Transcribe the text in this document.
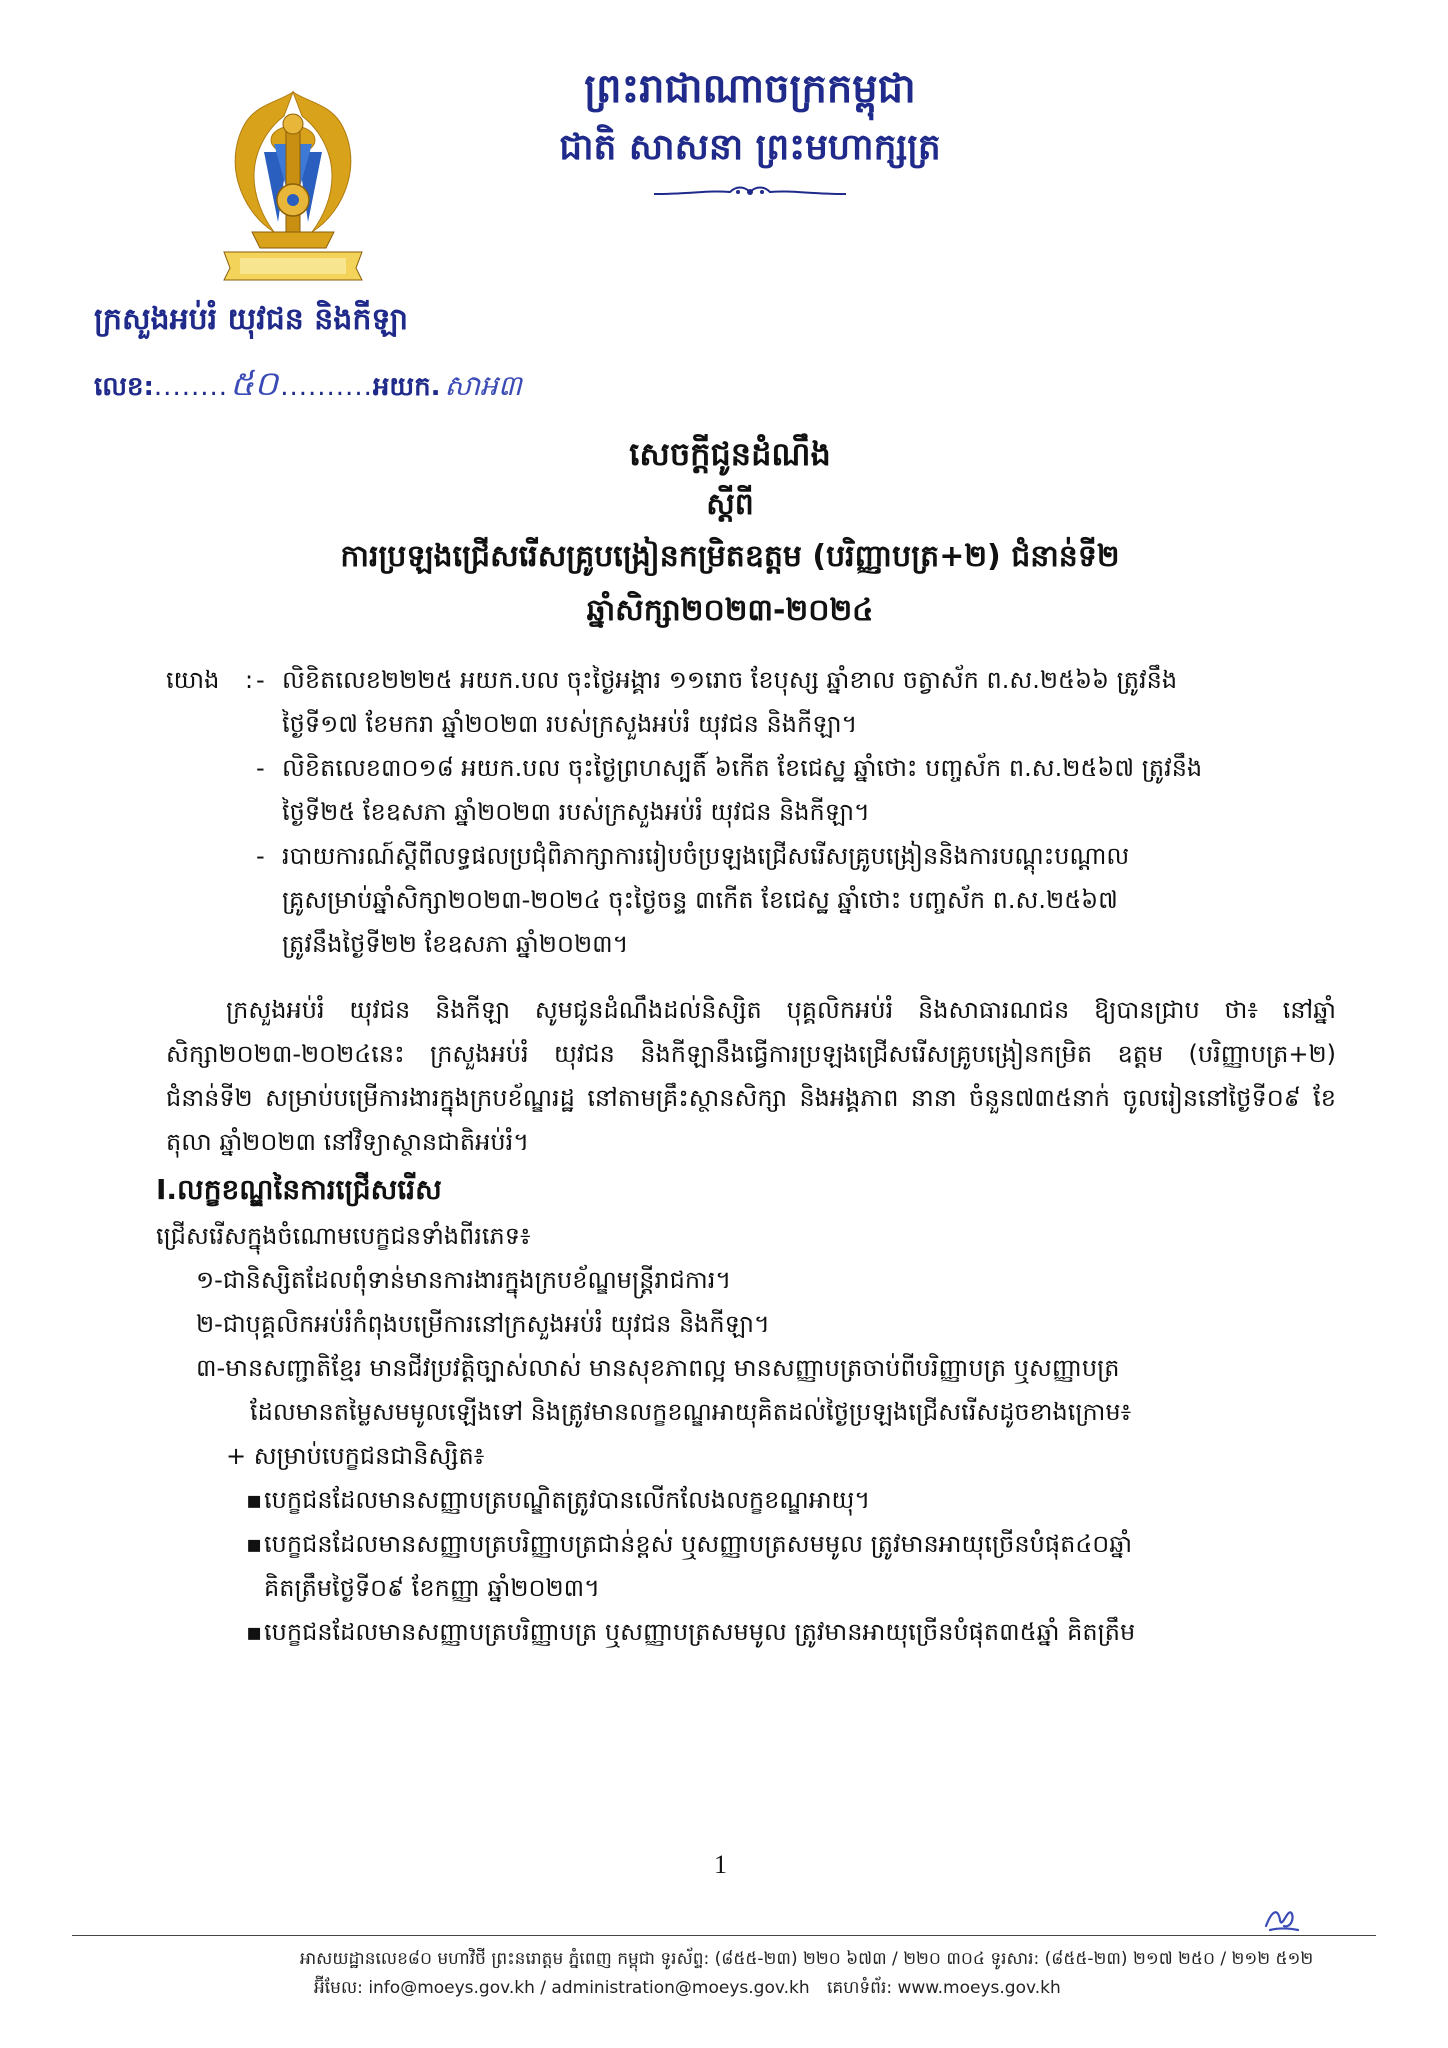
ព្រះរាជាណាចក្រកម្ពុជា
ជាតិ សាសនា ព្រះមហាក្សត្រ
ក្រសួងអប់រំ យុវជន និងកីឡា
លេខ: ........ ៥០ .......... អយក. សាអ៣
សេចក្តីជូនដំណឹង
ស្តីពី
ការប្រឡងជ្រើសរើសគ្រូបង្រៀនកម្រិតឧត្តម (បរិញ្ញាបត្រ+២) ជំនាន់ទី២
ឆ្នាំសិក្សា២០២៣-២០២៤
យោង : - លិខិតលេខ២២២៥ អយក.បល ចុះថ្ងៃអង្គារ ១១រោច ខែបុស្ស ឆ្នាំខាល ចត្វាស័ក ព.ស.២៥៦៦ ត្រូវនឹង
ថ្ងៃទី១៧ ខែមករា ឆ្នាំ២០២៣ របស់ក្រសួងអប់រំ យុវជន និងកីឡា។
- លិខិតលេខ៣០១៨ អយក.បល ចុះថ្ងៃព្រហស្បតិ៍ ៦កើត ខែជេស្ឋ ឆ្នាំថោះ បញ្ចស័ក ព.ស.២៥៦៧ ត្រូវនឹង
ថ្ងៃទី២៥ ខែឧសភា ឆ្នាំ២០២៣ របស់ក្រសួងអប់រំ យុវជន និងកីឡា។
- របាយការណ៍ស្តីពីលទ្ធផលប្រជុំពិភាក្សាការរៀបចំប្រឡងជ្រើសរើសគ្រូបង្រៀននិងការបណ្តុះបណ្តាល
គ្រូសម្រាប់ឆ្នាំសិក្សា២០២៣-២០២៤ ចុះថ្ងៃចន្ទ ៣កើត ខែជេស្ឋ ឆ្នាំថោះ បញ្ចស័ក ព.ស.២៥៦៧
ត្រូវនឹងថ្ងៃទី២២ ខែឧសភា ឆ្នាំ២០២៣។
ក្រសួងអប់រំ យុវជន និងកីឡា សូមជូនដំណឹងដល់និស្សិត បុគ្គលិកអប់រំ និងសាធារណជន ឱ្យបានជ្រាប ថា៖ នៅឆ្នាំសិក្សា២០២៣-២០២៤នេះ ក្រសួងអប់រំ យុវជន និងកីឡានឹងធ្វើការប្រឡងជ្រើសរើសគ្រូបង្រៀនកម្រិត ឧត្តម (បរិញ្ញាបត្រ+២) ជំនាន់ទី២ សម្រាប់បម្រើការងារក្នុងក្របខ័ណ្ឌរដ្ឋ នៅតាមគ្រឹះស្ថានសិក្សា និងអង្គភាព នានា ចំនួន៧៣៥នាក់ ចូលរៀននៅថ្ងៃទី០៩ ខែតុលា ឆ្នាំ២០២៣ នៅវិទ្យាស្ថានជាតិអប់រំ។
I.លក្ខខណ្ឌនៃការជ្រើសរើស
ជ្រើសរើសក្នុងចំណោមបេក្ខជនទាំងពីរភេទ៖
១-ជានិស្សិតដែលពុំទាន់មានការងារក្នុងក្របខ័ណ្ឌមន្ត្រីរាជការ។
២-ជាបុគ្គលិកអប់រំកំពុងបម្រើការនៅក្រសួងអប់រំ យុវជន និងកីឡា។
៣-មានសញ្ជាតិខ្មែរ មានជីវប្រវត្តិច្បាស់លាស់ មានសុខភាពល្អ មានសញ្ញាបត្រចាប់ពីបរិញ្ញាបត្រ ឬសញ្ញាបត្រ
ដែលមានតម្លៃសមមូលឡើងទៅ និងត្រូវមានលក្ខខណ្ឌអាយុគិតដល់ថ្ងៃប្រឡងជ្រើសរើសដូចខាងក្រោម៖
+ សម្រាប់បេក្ខជនជានិស្សិត៖
▪ បេក្ខជនដែលមានសញ្ញាបត្របណ្ឌិតត្រូវបានលើកលែងលក្ខខណ្ឌអាយុ។
▪ បេក្ខជនដែលមានសញ្ញាបត្របរិញ្ញាបត្រជាន់ខ្ពស់ ឬសញ្ញាបត្រសមមូល ត្រូវមានអាយុច្រើនបំផុត៤០ឆ្នាំ
គិតត្រឹមថ្ងៃទី០៩ ខែកញ្ញា ឆ្នាំ២០២៣។
▪ បេក្ខជនដែលមានសញ្ញាបត្របរិញ្ញាបត្រ ឬសញ្ញាបត្រសមមូល ត្រូវមានអាយុច្រើនបំផុត៣៥ឆ្នាំ គិតត្រឹម
1
អាសយដ្ឋានលេខ៨០ មហាវិថី ព្រះនរោត្តម ភ្នំពេញ កម្ពុជា ទូរស័ព្ទ: (៨៥៥-២៣) ២២០ ៦៧៣ / ២២០ ៣០៤ ទូរសារ: (៨៥៥-២៣) ២១៧ ២៥០ / ២១២ ៥១២
អ៊ីមែល: info@moeys.gov.kh / administration@moeys.gov.kh គេហទំព័រ: www.moeys.gov.kh
